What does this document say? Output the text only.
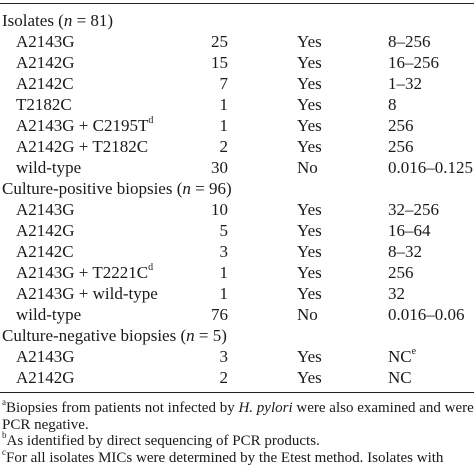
Isolates (n = 81)
A2143G	25	Yes	8–256
A2142G	15	Yes	16–256
A2142C	7	Yes	1–32
T2182C	1	Yes	8
$A2143G + C2195T^d$	1	Yes	256
A2142G + T2182C	2	Yes	256
wild-type	30	No	0.016–0.125
Culture-positive biopsies (n = 96)
A2143G	10	Yes	32–256
A2142G	5	Yes	16–64
A2142C	3	Yes	8–32
$A2143G + T2221C^d$	1	Yes	256
A2143G + wild-type	1	Yes	32
wild-type	76	No	0.016–0.06
Culture-negative biopsies (n = 5)
A2143G	3	Yes	$NC^e$
A2142G	2	Yes	NC
$^a$Biopsies from patients not infected by H. pylori were also examined and were
PCR negative.
$^b$As identified by direct sequencing of PCR products.
$^c$For all isolates MICs were determined by the Etest method. Isolates with
